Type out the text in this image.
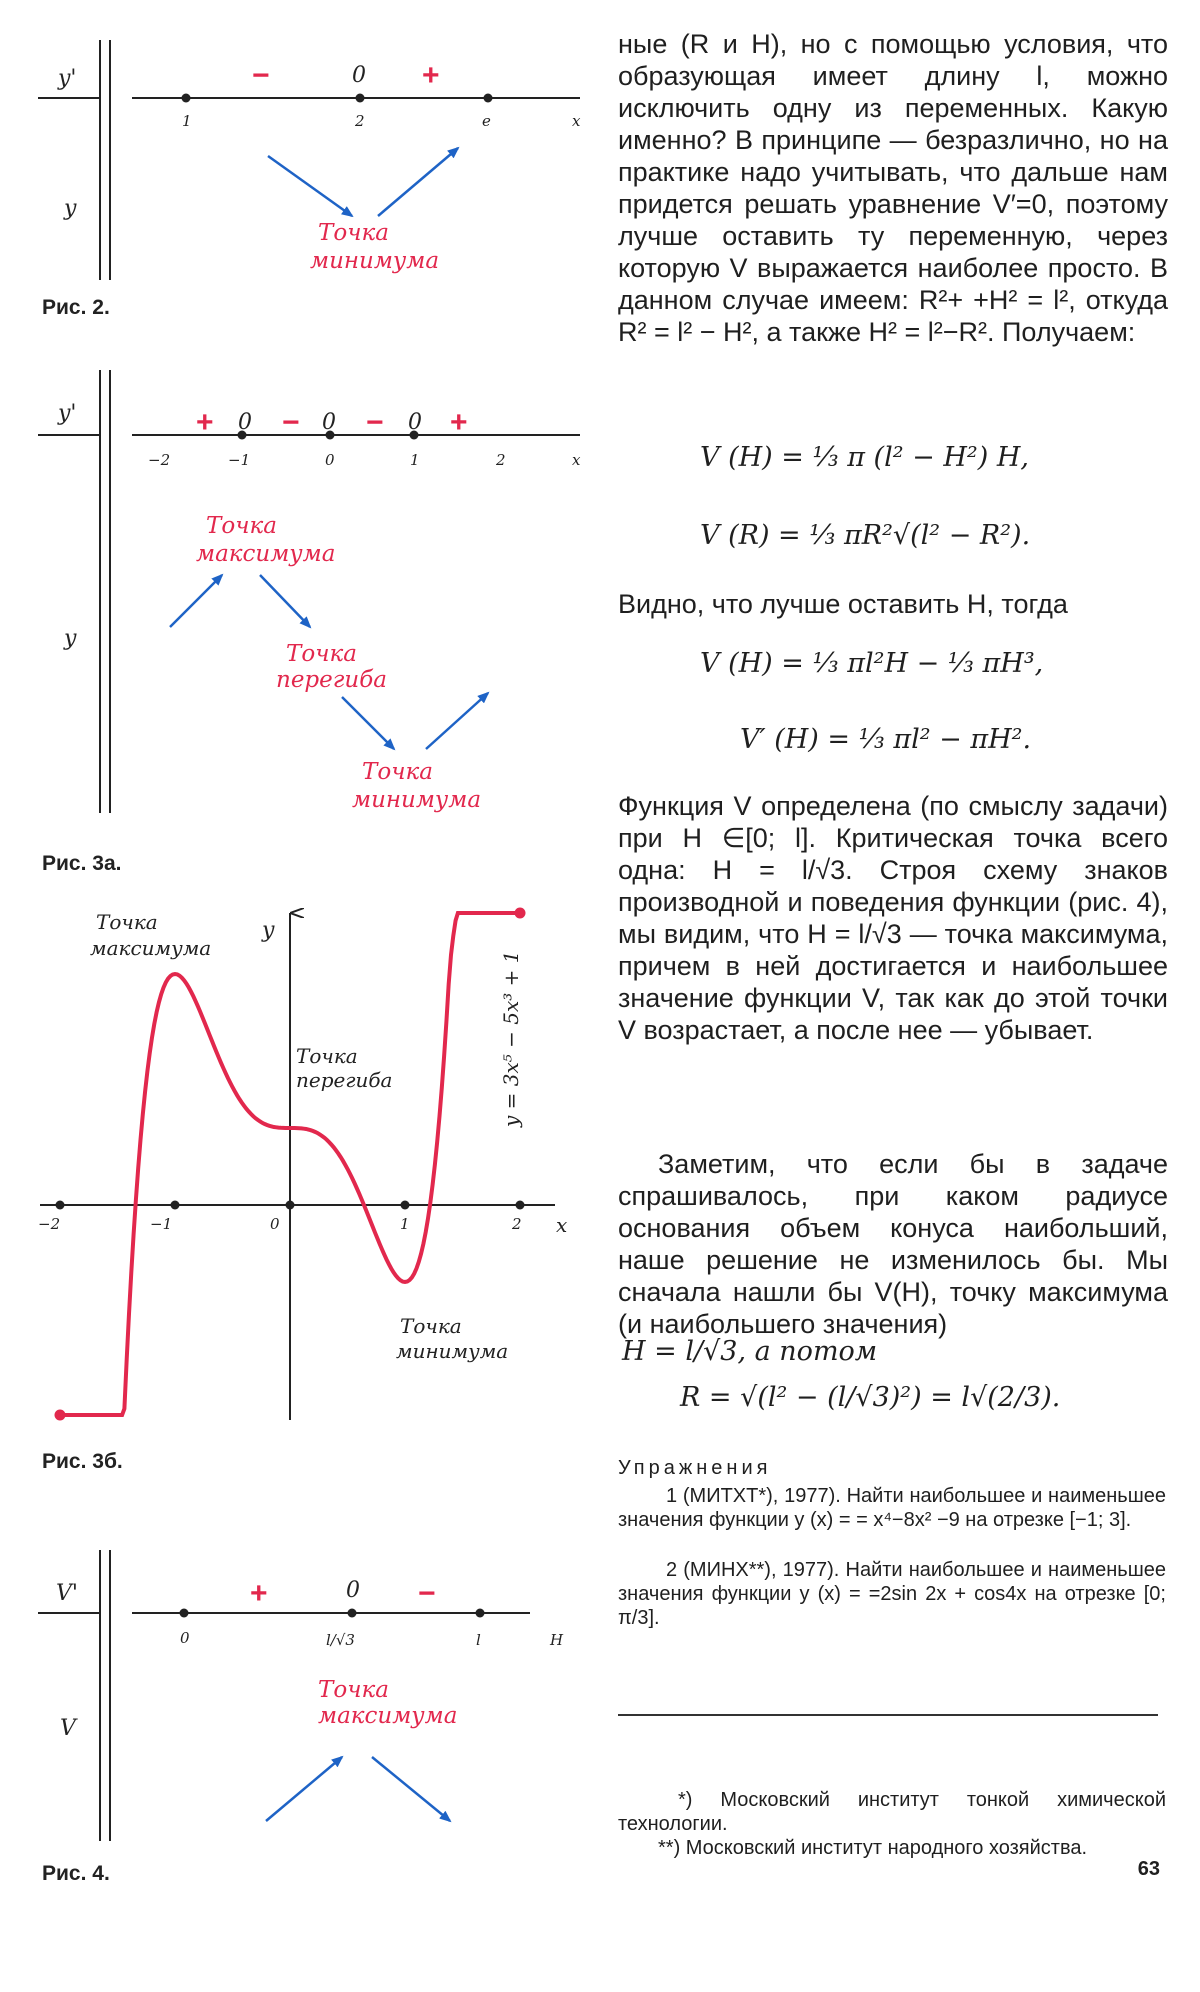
y'
y
−	0 +
1	2	e	x
Точка
минимума
Рис. 2.
y'
y
+ 0 − 0 − 0 +
−2	−1	0	1	2	x
Точка
максимума
Точка
перегиба
Точка
минимума
Рис. 3а.
y
x
−2	−1	0	1	2
Точка
максимума
Точка
перегиба
Точка
минимума
y = 3x⁵ − 5x³ + 1
Рис. 3б.
V'
V
+	0 −
0	l/√3	l	H
Точка
максимума
Рис. 4.
ные (R и H), но с помощью условия, что образующая имеет длину l, можно исключить одну из переменных. Какую именно? В принципе — безразлично, но на практике надо учитывать, что дальше нам придется решать уравнение V′=0, поэтому лучше оставить ту переменную, через которую V выражается наиболее просто. В данном случае имеем: R²+ +H² = l², откуда R² = l² − H², а также H² = l²−R². Получаем:
V (H) = ⅓ π (l² − H²) H,
V (R) = ⅓ πR²√(l² − R²).
Видно, что лучше оставить H, тогда
V (H) = ⅓ πl²H − ⅓ πH³,
V′ (H) = ⅓ πl² − πH².
Функция V определена (по смыслу задачи) при H ∈[0; l]. Критическая точка всего одна: H = l/√3. Строя схему знаков производной и поведения функции (рис. 4), мы видим, что H = l/√3 — точка максимума, причем в ней достигается и наибольшее значение функции V, так как до этой точки V возрастает, а после нее — убывает.
Заметим, что если бы в задаче спрашивалось, при каком радиусе основания объем конуса наибольший, наше решение не изменилось бы. Мы сначала нашли бы V(H), точку максимума (и наибольшего значения)
H = l/√3, а потом
R = √(l² − (l/√3)²) = l√(2/3).
Упражнения
1 (МИТХТ*), 1977). Найти наибольшее и наименьшее значения функции y (x) = = x⁴−8x² −9 на отрезке [−1; 3].
2 (МИНХ**), 1977). Найти наибольшее и наименьшее значения функции y (x) = =2sin 2x + cos4x на отрезке [0; π/3].
*) Московский институт тонкой химической технологии.
**) Московский институт народного хозяйства.
63
